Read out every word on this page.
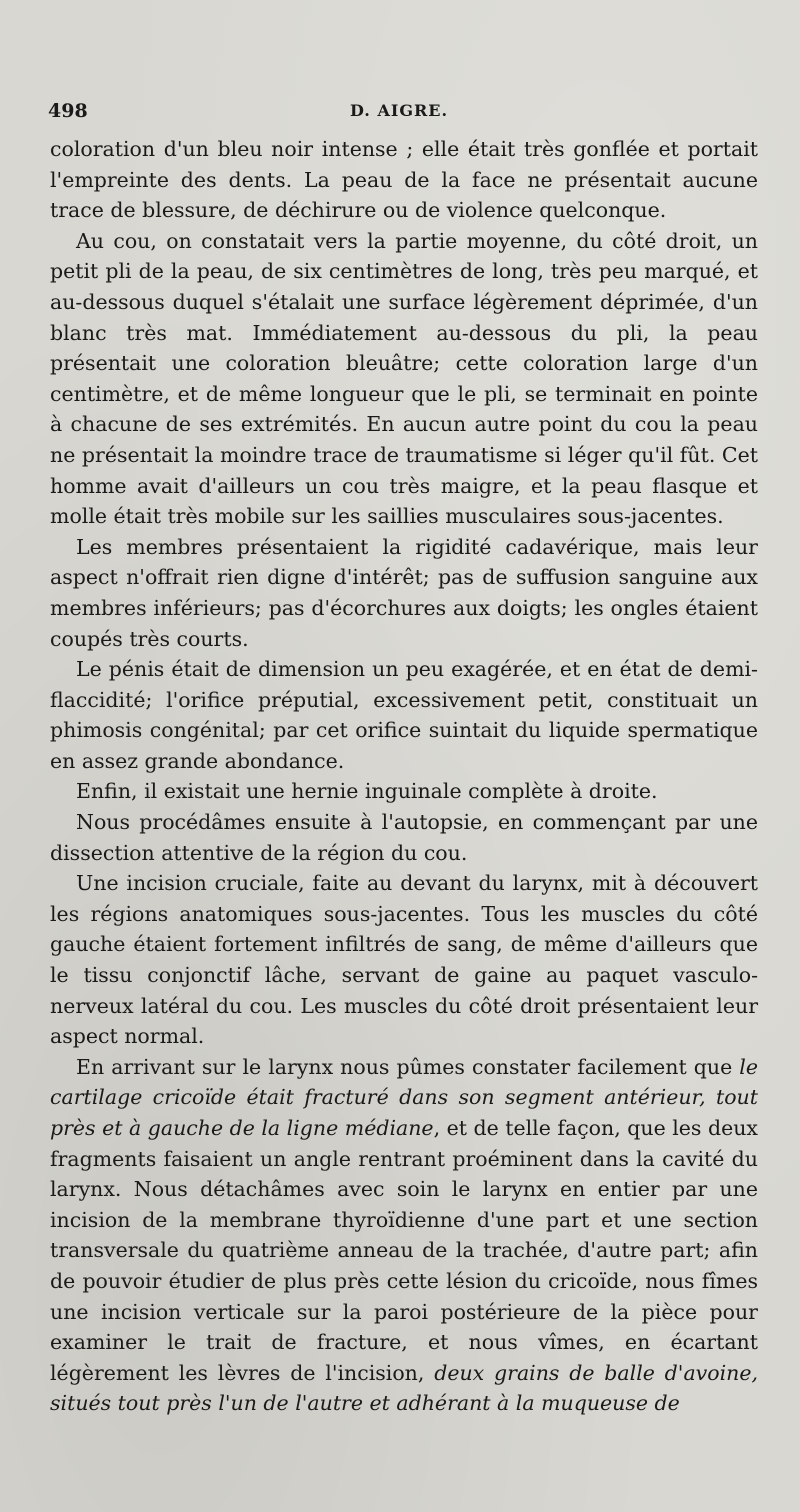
498	D. AIGRE.

coloration d'un bleu noir intense ; elle était très gonflée et portait l'empreinte des dents. La peau de la face ne présentait aucune trace de blessure, de déchirure ou de violence quelconque.

Au cou, on constatait vers la partie moyenne, du côté droit, un petit pli de la peau, de six centimètres de long, très peu marqué, et au-dessous duquel s'étalait une surface légèrement déprimée, d'un blanc très mat. Immédiatement au-dessous du pli, la peau présentait une coloration bleuâtre; cette coloration large d'un centimètre, et de même longueur que le pli, se terminait en pointe à chacune de ses extrémités. En aucun autre point du cou la peau ne présentait la moindre trace de traumatisme si léger qu'il fût. Cet homme avait d'ailleurs un cou très maigre, et la peau flasque et molle était très mobile sur les saillies musculaires sous-jacentes.

Les membres présentaient la rigidité cadavérique, mais leur aspect n'offrait rien digne d'intérêt; pas de suffusion sanguine aux membres inférieurs; pas d'écorchures aux doigts; les ongles étaient coupés très courts.

Le pénis était de dimension un peu exagérée, et en état de demi-flaccidité; l'orifice préputial, excessivement petit, constituait un phimosis congénital; par cet orifice suintait du liquide spermatique en assez grande abondance.

Enfin, il existait une hernie inguinale complète à droite.

Nous procédâmes ensuite à l'autopsie, en commençant par une dissection attentive de la région du cou.

Une incision cruciale, faite au devant du larynx, mit à découvert les régions anatomiques sous-jacentes. Tous les muscles du côté gauche étaient fortement infiltrés de sang, de même d'ailleurs que le tissu conjonctif lâche, servant de gaine au paquet vasculo-nerveux latéral du cou. Les muscles du côté droit présentaient leur aspect normal.

En arrivant sur le larynx nous pûmes constater facilement que le cartilage cricoïde était fracturé dans son segment antérieur, tout près et à gauche de la ligne médiane, et de telle façon, que les deux fragments faisaient un angle rentrant proéminent dans la cavité du larynx. Nous détachâmes avec soin le larynx en entier par une incision de la membrane thyroïdienne d'une part et une section transversale du quatrième anneau de la trachée, d'autre part; afin de pouvoir étudier de plus près cette lésion du cricoïde, nous fîmes une incision verticale sur la paroi postérieure de la pièce pour examiner le trait de fracture, et nous vîmes, en écartant légèrement les lèvres de l'incision, deux grains de balle d'avoine, situés tout près l'un de l'autre et adhérant à la muqueuse de
